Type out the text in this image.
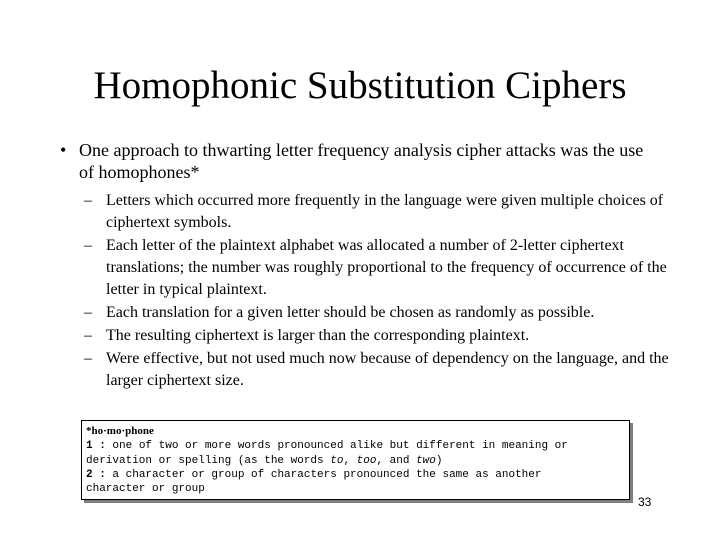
Homophonic Substitution Ciphers
• One approach to thwarting letter frequency analysis cipher attacks was the use of homophones*
– Letters which occurred more frequently in the language were given multiple choices of ciphertext symbols.
– Each letter of the plaintext alphabet was allocated a number of 2-letter ciphertext translations; the number was roughly proportional to the frequency of occurrence of the letter in typical plaintext.
– Each translation for a given letter should be chosen as randomly as possible.
– The resulting ciphertext is larger than the corresponding plaintext.
– Were effective, but not used much now because of dependency on the language, and the larger ciphertext size.
*ho·mo·phone
1 : one of two or more words pronounced alike but different in meaning or
derivation or spelling (as the words to, too, and two)
2 : a character or group of characters pronounced the same as another
character or group
33
